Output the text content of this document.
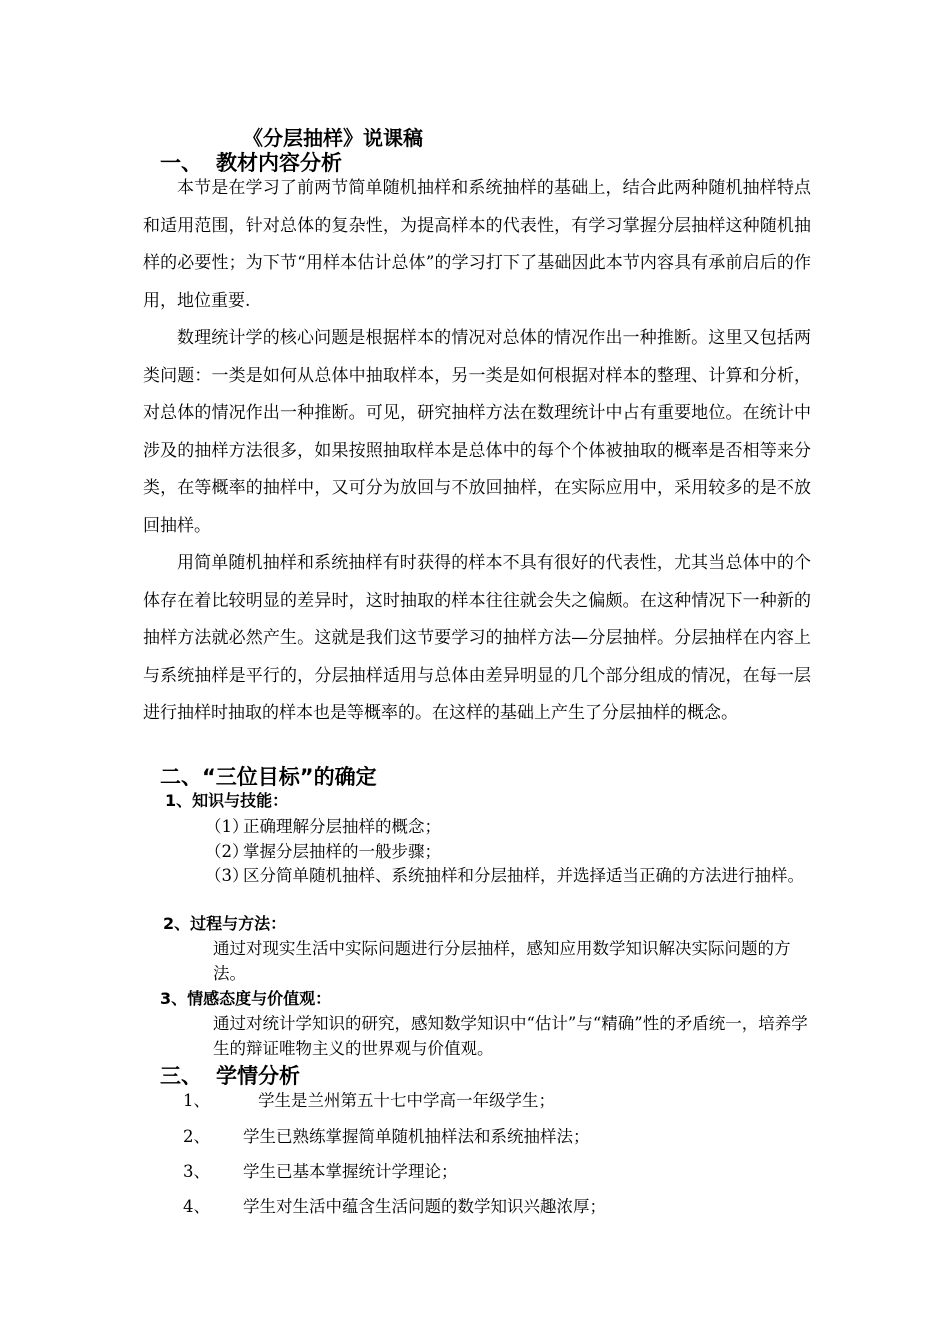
《分层抽样》说课稿
一、 教材内容分析

本节是在学习了前两节简单随机抽样和系统抽样的基础上，结合此两种随机抽样特点和适用范围，针对总体的复杂性，为提高样本的代表性，有学习掌握分层抽样这种随机抽样的必要性；为下节“用样本估计总体”的学习打下了基础因此本节内容具有承前启后的作用，地位重要.

数理统计学的核心问题是根据样本的情况对总体的情况作出一种推断。这里又包括两类问题：一类是如何从总体中抽取样本，另一类是如何根据对样本的整理、计算和分析，对总体的情况作出一种推断。可见，研究抽样方法在数理统计中占有重要地位。在统计中涉及的抽样方法很多，如果按照抽取样本是总体中的每个个体被抽取的概率是否相等来分类，在等概率的抽样中，又可分为放回与不放回抽样，在实际应用中，采用较多的是不放回抽样。

用简单随机抽样和系统抽样有时获得的样本不具有很好的代表性，尤其当总体中的个体存在着比较明显的差异时，这时抽取的样本往往就会失之偏颇。在这种情况下一种新的抽样方法就必然产生。这就是我们这节要学习的抽样方法—分层抽样。分层抽样在内容上与系统抽样是平行的，分层抽样适用与总体由差异明显的几个部分组成的情况，在每一层进行抽样时抽取的样本也是等概率的。在这样的基础上产生了分层抽样的概念。

二、“三位目标”的确定
1、知识与技能：
（1）
正确理解分层抽样的概念；
（2）
掌握分层抽样的一般步骤；
（3）
区分简单随机抽样、系统抽样和分层抽样，并选择适当正确的方法进行抽样。
2、过程与方法：
通过对现实生活中实际问题进行分层抽样，感知应用数学知识解决实际问题的方法。
3、情感态度与价值观：
通过对统计学知识的研究，感知数学知识中“估计”与“精确”性的矛盾统一，培养学生的辩证唯物主义的世界观与价值观。
三、 学情分析
1、	学生是兰州第五十七中学高一年级学生；
2、 学生已熟练掌握简单随机抽样法和系统抽样法；
3、 学生已基本掌握统计学理论；
4、 学生对生活中蕴含生活问题的数学知识兴趣浓厚；
